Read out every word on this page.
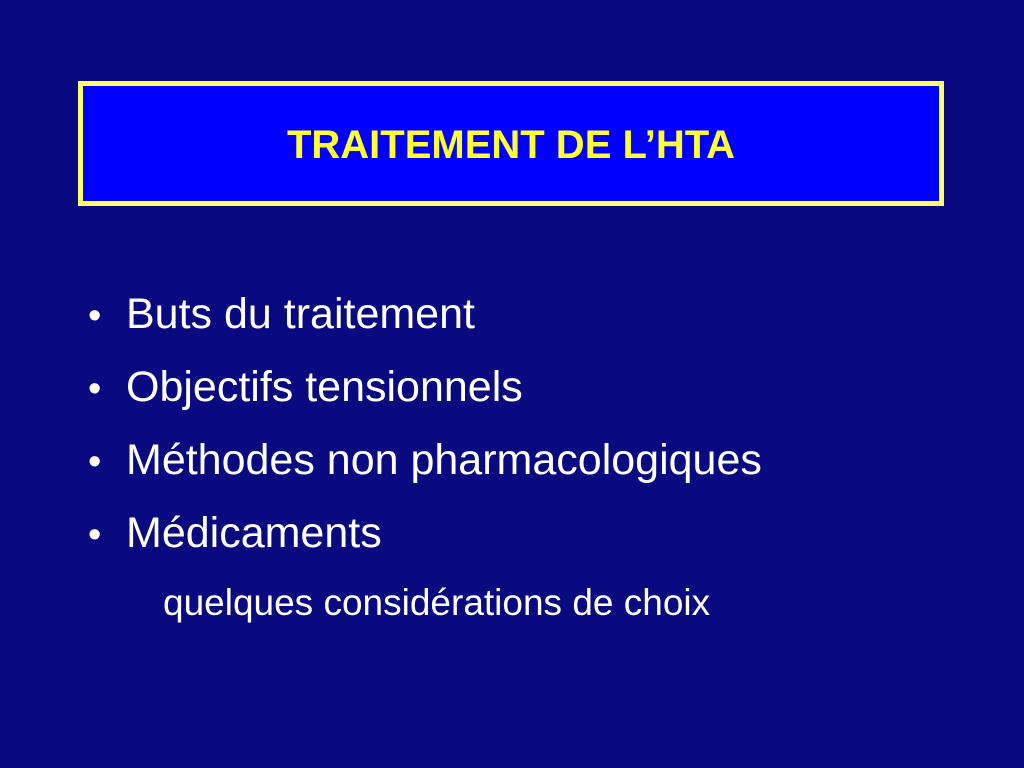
TRAITEMENT DE L’HTA
• Buts du traitement
• Objectifs tensionnels
• Méthodes non pharmacologiques
• Médicaments
quelques considérations de choix
